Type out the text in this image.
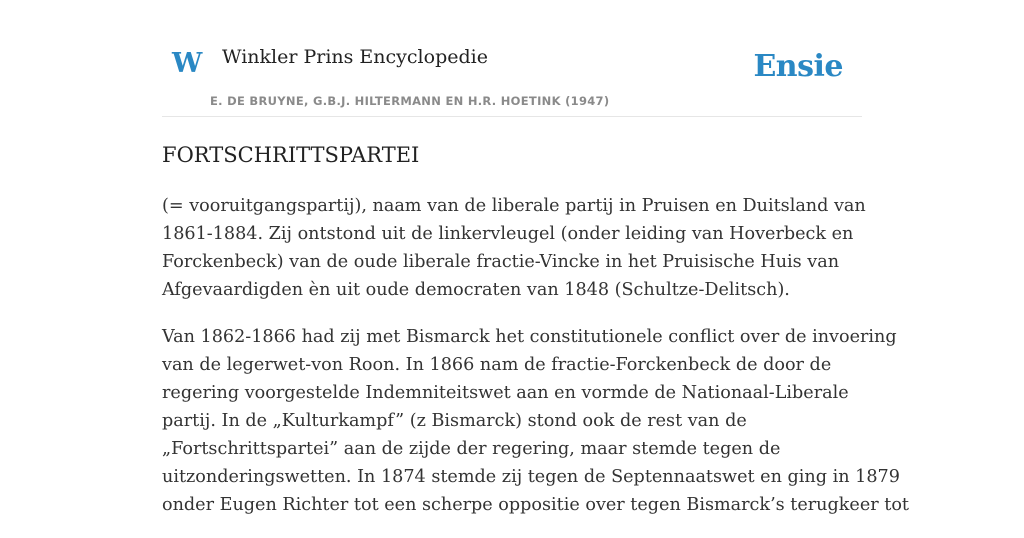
W Winkler Prins Encyclopedie
E. DE BRUYNE, G.B.J. HILTERMANN EN H.R. HOETINK (1947)
Ensie
FORTSCHRITTSPARTEI

(= vooruitgangspartij), naam van de liberale partij in Pruisen en Duitsland van
1861-1884. Zij ontstond uit de linkervleugel (onder leiding van Hoverbeck en
Forckenbeck) van de oude liberale fractie-Vincke in het Pruisische Huis van
Afgevaardigden èn uit oude democraten van 1848 (Schultze-Delitsch).

Van 1862-1866 had zij met Bismarck het constitutionele conflict over de invoering
van de legerwet-von Roon. In 1866 nam de fractie-Forckenbeck de door de
regering voorgestelde Indemniteitswet aan en vormde de Nationaal-Liberale
partij. In de „Kulturkampf” (z Bismarck) stond ook de rest van de
„Fortschrittspartei” aan de zijde der regering, maar stemde tegen de
uitzonderingswetten. In 1874 stemde zij tegen de Septennaatswet en ging in 1879
onder Eugen Richter tot een scherpe oppositie over tegen Bismarck’s terugkeer tot
